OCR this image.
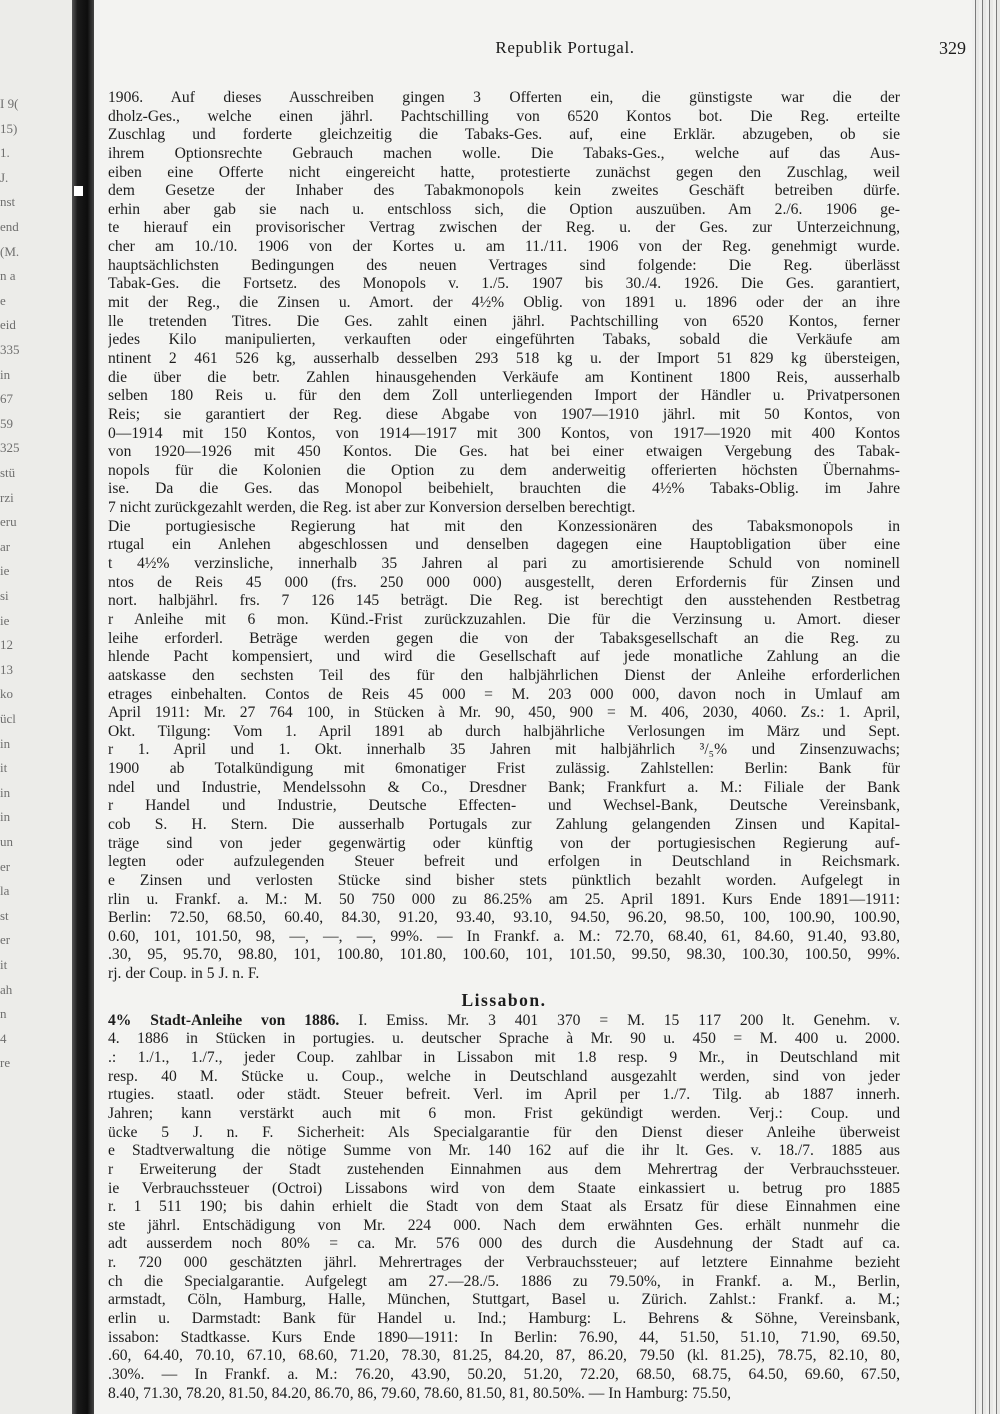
I 9(
15)
1.
J.
nst
end
(M.
n a
e
eid
335
in
67
59
325
stü
rzi
eru
ar
ie
si
ie
12
13
ko
ücl
in
it
in
in
un
er
la
st
er
it
ah
n
4
re
Republik Portugal.	329
1906. Auf dieses Ausschreiben gingen 3 Offerten ein, die günstigste war die der
dholz-Ges., welche einen jährl. Pachtschilling von 6520 Kontos bot. Die Reg. erteilte
Zuschlag und forderte gleichzeitig die Tabaks-Ges. auf, eine Erklär. abzugeben, ob sie
ihrem Optionsrechte Gebrauch machen wolle. Die Tabaks-Ges., welche auf das Aus-
eiben eine Offerte nicht eingereicht hatte, protestierte zunächst gegen den Zuschlag, weil
dem Gesetze der Inhaber des Tabakmonopols kein zweites Geschäft betreiben dürfe.
erhin aber gab sie nach u. entschloss sich, die Option auszuüben. Am 2./6. 1906 ge-
te hierauf ein provisorischer Vertrag zwischen der Reg. u. der Ges. zur Unterzeichnung,
cher am 10./10. 1906 von der Kortes u. am 11./11. 1906 von der Reg. genehmigt wurde.
hauptsächlichsten Bedingungen des neuen Vertrages sind folgende: Die Reg. überlässt
Tabak-Ges. die Fortsetz. des Monopols v. 1./5. 1907 bis 30./4. 1926. Die Ges. garantiert,
mit der Reg., die Zinsen u. Amort. der 4½% Oblig. von 1891 u. 1896 oder der an ihre
lle tretenden Titres. Die Ges. zahlt einen jährl. Pachtschilling von 6520 Kontos, ferner
jedes Kilo manipulierten, verkauften oder eingeführten Tabaks, sobald die Verkäufe am
ntinent 2 461 526 kg, ausserhalb desselben 293 518 kg u. der Import 51 829 kg übersteigen,
die über die betr. Zahlen hinausgehenden Verkäufe am Kontinent 1800 Reis, ausserhalb
selben 180 Reis u. für den dem Zoll unterliegenden Import der Händler u. Privatpersonen
Reis; sie garantiert der Reg. diese Abgabe von 1907—1910 jährl. mit 50 Kontos, von
0—1914 mit 150 Kontos, von 1914—1917 mit 300 Kontos, von 1917—1920 mit 400 Kontos
von 1920—1926 mit 450 Kontos. Die Ges. hat bei einer etwaigen Vergebung des Tabak-
nopols für die Kolonien die Option zu dem anderweitig offerierten höchsten Übernahms-
ise. Da die Ges. das Monopol beibehielt, brauchten die 4½% Tabaks-Oblig. im Jahre
7 nicht zurückgezahlt werden, die Reg. ist aber zur Konversion derselben berechtigt.
Die portugiesische Regierung hat mit den Konzessionären des Tabaksmonopols in
rtugal ein Anlehen abgeschlossen und denselben dagegen eine Hauptobligation über eine
t 4½% verzinsliche, innerhalb 35 Jahren al pari zu amortisierende Schuld von nominell
ntos de Reis 45 000 (frs. 250 000 000) ausgestellt, deren Erfordernis für Zinsen und
nort. halbjährl. frs. 7 126 145 beträgt. Die Reg. ist berechtigt den ausstehenden Restbetrag
r Anleihe mit 6 mon. Künd.-Frist zurückzuzahlen. Die für die Verzinsung u. Amort. dieser
leihe erforderl. Beträge werden gegen die von der Tabaksgesellschaft an die Reg. zu
hlende Pacht kompensiert, und wird die Gesellschaft auf jede monatliche Zahlung an die
aatskasse den sechsten Teil des für den halbjährlichen Dienst der Anleihe erforderlichen
etrages einbehalten. Contos de Reis 45 000 = M. 203 000 000, davon noch in Umlauf am
April 1911: Mr. 27 764 100, in Stücken à Mr. 90, 450, 900 = M. 406, 2030, 4060. Zs.: 1. April,
Okt. Tilgung: Vom 1. April 1891 ab durch halbjährliche Verlosungen im März und Sept.
r 1. April und 1. Okt. innerhalb 35 Jahren mit halbjährlich ³/₅% und Zinsenzuwachs;
1900 ab Totalkündigung mit 6monatiger Frist zulässig. Zahlstellen: Berlin: Bank für
ndel und Industrie, Mendelssohn & Co., Dresdner Bank; Frankfurt a. M.: Filiale der Bank
r Handel und Industrie, Deutsche Effecten- und Wechsel-Bank, Deutsche Vereinsbank,
cob S. H. Stern. Die ausserhalb Portugals zur Zahlung gelangenden Zinsen und Kapital-
träge sind von jeder gegenwärtig oder künftig von der portugiesischen Regierung auf-
legten oder aufzulegenden Steuer befreit und erfolgen in Deutschland in Reichsmark.
e Zinsen und verlosten Stücke sind bisher stets pünktlich bezahlt worden. Aufgelegt in
rlin u. Frankf. a. M.: M. 50 750 000 zu 86.25% am 25. April 1891. Kurs Ende 1891—1911:
Berlin: 72.50, 68.50, 60.40, 84.30, 91.20, 93.40, 93.10, 94.50, 96.20, 98.50, 100, 100.90, 100.90,
0.60, 101, 101.50, 98, —, —, —, 99%. — In Frankf. a. M.: 72.70, 68.40, 61, 84.60, 91.40, 93.80,
.30, 95, 95.70, 98.80, 101, 100.80, 101.80, 100.60, 101, 101.50, 99.50, 98.30, 100.30, 100.50, 99%.
rj. der Coup. in 5 J. n. F.
Lissabon.
4% Stadt-Anleihe von 1886. I. Emiss. Mr. 3 401 370 = M. 15 117 200 lt. Genehm. v.
4. 1886 in Stücken in portugies. u. deutscher Sprache à Mr. 90 u. 450 = M. 400 u. 2000.
.: 1./1., 1./7., jeder Coup. zahlbar in Lissabon mit 1.8 resp. 9 Mr., in Deutschland mit
resp. 40 M. Stücke u. Coup., welche in Deutschland ausgezahlt werden, sind von jeder
rtugies. staatl. oder städt. Steuer befreit. Verl. im April per 1./7. Tilg. ab 1887 innerh.
Jahren; kann verstärkt auch mit 6 mon. Frist gekündigt werden. Verj.: Coup. und
ücke 5 J. n. F. Sicherheit: Als Specialgarantie für den Dienst dieser Anleihe überweist
e Stadtverwaltung die nötige Summe von Mr. 140 162 auf die ihr lt. Ges. v. 18./7. 1885 aus
r Erweiterung der Stadt zustehenden Einnahmen aus dem Mehrertrag der Verbrauchssteuer.
ie Verbrauchssteuer (Octroi) Lissabons wird von dem Staate einkassiert u. betrug pro 1885
r. 1 511 190; bis dahin erhielt die Stadt von dem Staat als Ersatz für diese Einnahmen eine
ste jährl. Entschädigung von Mr. 224 000. Nach dem erwähnten Ges. erhält nunmehr die
adt ausserdem noch 80% = ca. Mr. 576 000 des durch die Ausdehnung der Stadt auf ca.
r. 720 000 geschätzten jährl. Mehrertrages der Verbrauchssteuer; auf letztere Einnahme bezieht
ch die Specialgarantie. Aufgelegt am 27.—28./5. 1886 zu 79.50%, in Frankf. a. M., Berlin,
armstadt, Cöln, Hamburg, Halle, München, Stuttgart, Basel u. Zürich. Zahlst.: Frankf. a. M.;
erlin u. Darmstadt: Bank für Handel u. Ind.; Hamburg: L. Behrens & Söhne, Vereinsbank,
issabon: Stadtkasse. Kurs Ende 1890—1911: In Berlin: 76.90, 44, 51.50, 51.10, 71.90, 69.50,
.60, 64.40, 70.10, 67.10, 68.60, 71.20, 78.30, 81.25, 84.20, 87, 86.20, 79.50 (kl. 81.25), 78.75, 82.10, 80,
.30%. — In Frankf. a. M.: 76.20, 43.90, 50.20, 51.20, 72.20, 68.50, 68.75, 64.50, 69.60, 67.50,
8.40, 71.30, 78.20, 81.50, 84.20, 86.70, 86, 79.60, 78.60, 81.50, 81, 80.50%. — In Hamburg: 75.50,
